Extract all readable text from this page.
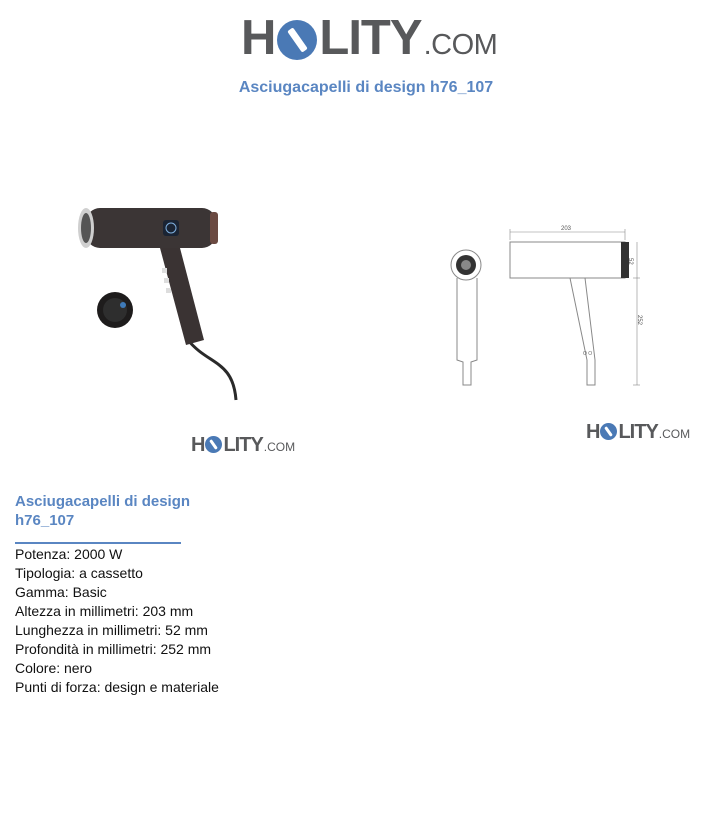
H LITY .COM
Asciugacapelli di design h76_107
H LITY .COM
O O
203
252
52
H LITY .COM
Asciugacapelli di design h76_107
Potenza: 2000 W
Tipologia: a cassetto
Gamma: Basic
Altezza in millimetri: 203 mm
Lunghezza in millimetri: 52 mm
Profondità in millimetri: 252 mm
Colore: nero
Punti di forza: design e materiale
